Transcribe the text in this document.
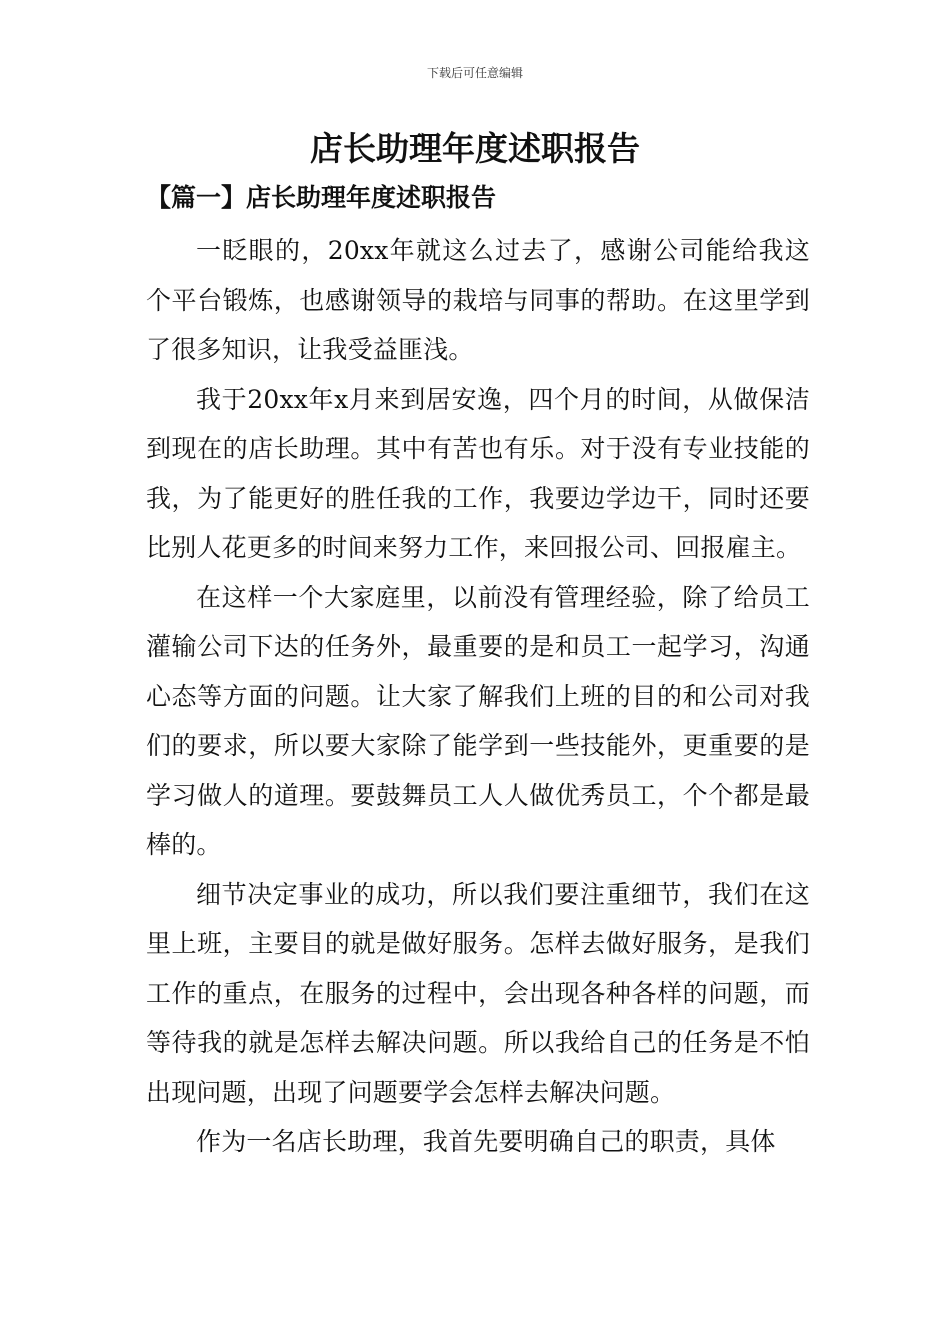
下载后可任意编辑
店长助理年度述职报告
【篇一】店长助理年度述职报告

一眨眼的，20xx年就这么过去了，感谢公司能给我这个平台锻炼，也感谢领导的栽培与同事的帮助。在这里学到了很多知识，让我受益匪浅。

我于20xx年x月来到居安逸，四个月的时间，从做保洁到现在的店长助理。其中有苦也有乐。对于没有专业技能的我，为了能更好的胜任我的工作，我要边学边干，同时还要比别人花更多的时间来努力工作，来回报公司、回报雇主。

在这样一个大家庭里，以前没有管理经验，除了给员工灌输公司下达的任务外，最重要的是和员工一起学习，沟通心态等方面的问题。让大家了解我们上班的目的和公司对我们的要求，所以要大家除了能学到一些技能外，更重要的是学习做人的道理。要鼓舞员工人人做优秀员工，个个都是最棒的。

细节决定事业的成功，所以我们要注重细节，我们在这里上班，主要目的就是做好服务。怎样去做好服务，是我们工作的重点，在服务的过程中，会出现各种各样的问题，而等待我的就是怎样去解决问题。所以我给自己的任务是不怕出现问题，出现了问题要学会怎样去解决问题。

作为一名店长助理，我首先要明确自己的职责，具体
